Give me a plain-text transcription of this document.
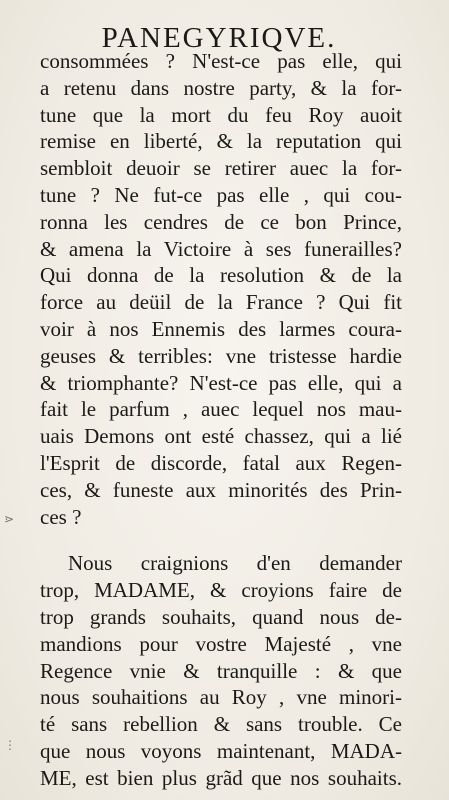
PANEGYRIQVE.
consommées ? N'est-ce pas elle, qui
a retenu dans nostre party, & la for-
tune que la mort du feu Roy auoit
remise en liberté, & la reputation qui
sembloit deuoir se retirer auec la for-
tune ? Ne fut-ce pas elle , qui cou-
ronna les cendres de ce bon Prince,
& amena la Victoire à ses funerailles?
Qui donna de la resolution & de la
force au deüil de la France ? Qui fit
voir à nos Ennemis des larmes coura-
geuses & terribles: vne tristesse hardie
& triomphante? N'est-ce pas elle, qui a
fait le parfum , auec lequel nos mau-
uais Demons ont esté chassez, qui a lié
l'Esprit de discorde, fatal aux Regen-
ces, & funeste aux minorités des Prin-
ces ?
Nous craignions d'en demander
trop, MADAME, & croyions faire de
trop grands souhaits, quand nous de-
mandions pour vostre Majesté , vne
Regence vnie & tranquille : & que
nous souhaitions au Roy , vne minori-
té sans rebellion & sans trouble. Ce
que nous voyons maintenant, MADA-
ME, est bien plus grãd que nos souhaits.
⋗
⋮
